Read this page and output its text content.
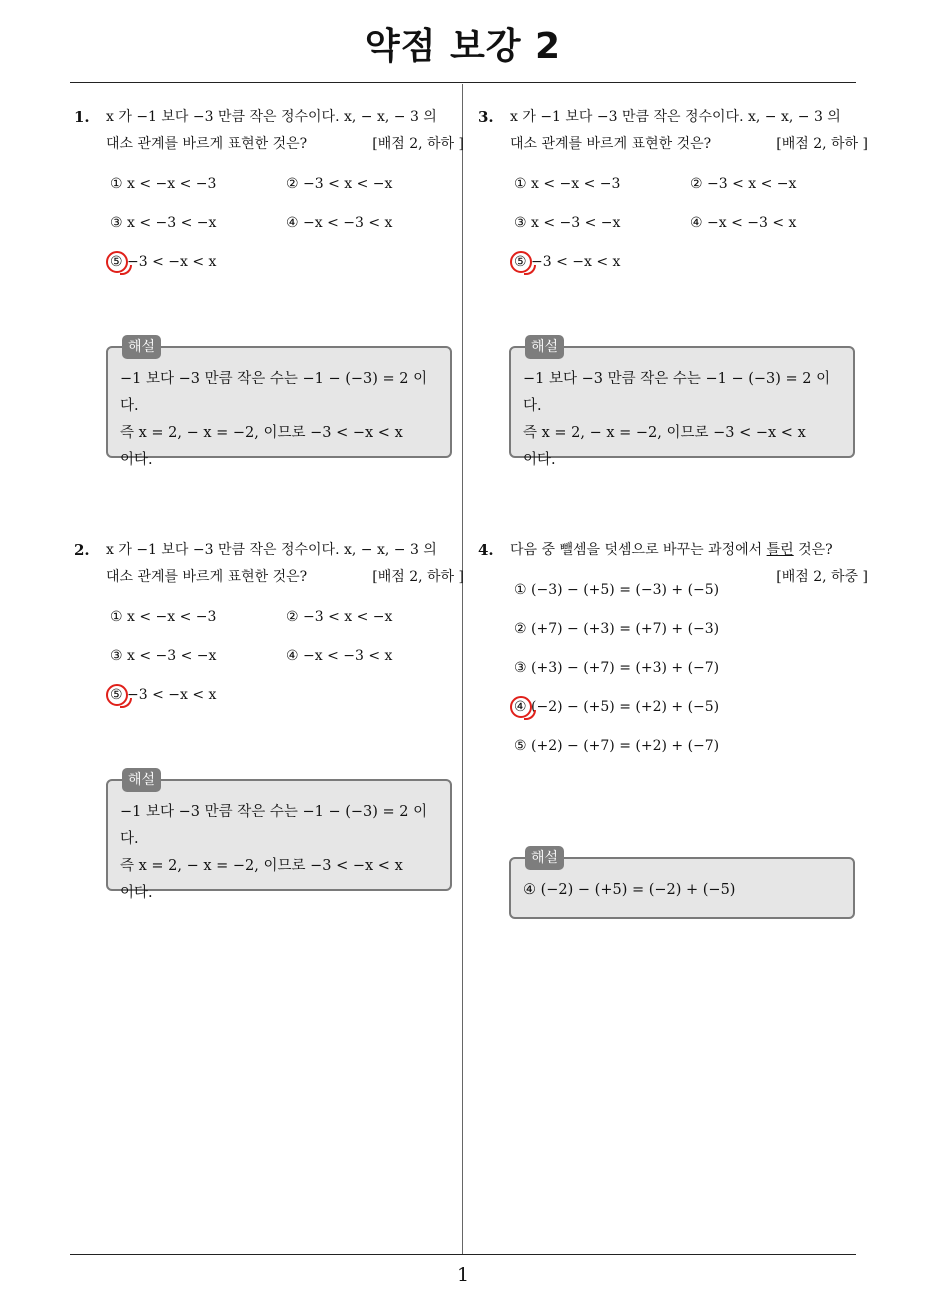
약점 보강 2
1. x 가 −1 보다 −3 만큼 작은 정수이다. x, − x, − 3 의
대소 관계를 바르게 표현한 것은?	[배점 2, 하하 ]
① x < −x < −3	② −3 < x < −x
③ x < −3 < −x	④ −x < −3 < x
⑤ −3 < −x < x
해설
−1 보다 −3 만큼 작은 수는 −1 − (−3) = 2 이다.
즉 x = 2, − x = −2, 이므로 −3 < −x < x
이다.
2. x 가 −1 보다 −3 만큼 작은 정수이다. x, − x, − 3 의
대소 관계를 바르게 표현한 것은?	[배점 2, 하하 ]
① x < −x < −3	② −3 < x < −x
③ x < −3 < −x	④ −x < −3 < x
⑤ −3 < −x < x
해설
−1 보다 −3 만큼 작은 수는 −1 − (−3) = 2 이다.
즉 x = 2, − x = −2, 이므로 −3 < −x < x
이다.
3. x 가 −1 보다 −3 만큼 작은 정수이다. x, − x, − 3 의
대소 관계를 바르게 표현한 것은?	[배점 2, 하하 ]
① x < −x < −3	② −3 < x < −x
③ x < −3 < −x	④ −x < −3 < x
⑤ −3 < −x < x
해설
−1 보다 −3 만큼 작은 수는 −1 − (−3) = 2 이다.
즉 x = 2, − x = −2, 이므로 −3 < −x < x
이다.
4. 다음 중 뺄셈을 덧셈으로 바꾸는 과정에서 틀린 것은?
[배점 2, 하중 ]
① (−3) − (+5) = (−3) + (−5)
② (+7) − (+3) = (+7) + (−3)
③ (+3) − (+7) = (+3) + (−7)
④ (−2) − (+5) = (+2) + (−5)
⑤ (+2) − (+7) = (+2) + (−7)
해설
④ (−2) − (+5) = (−2) + (−5)
1
